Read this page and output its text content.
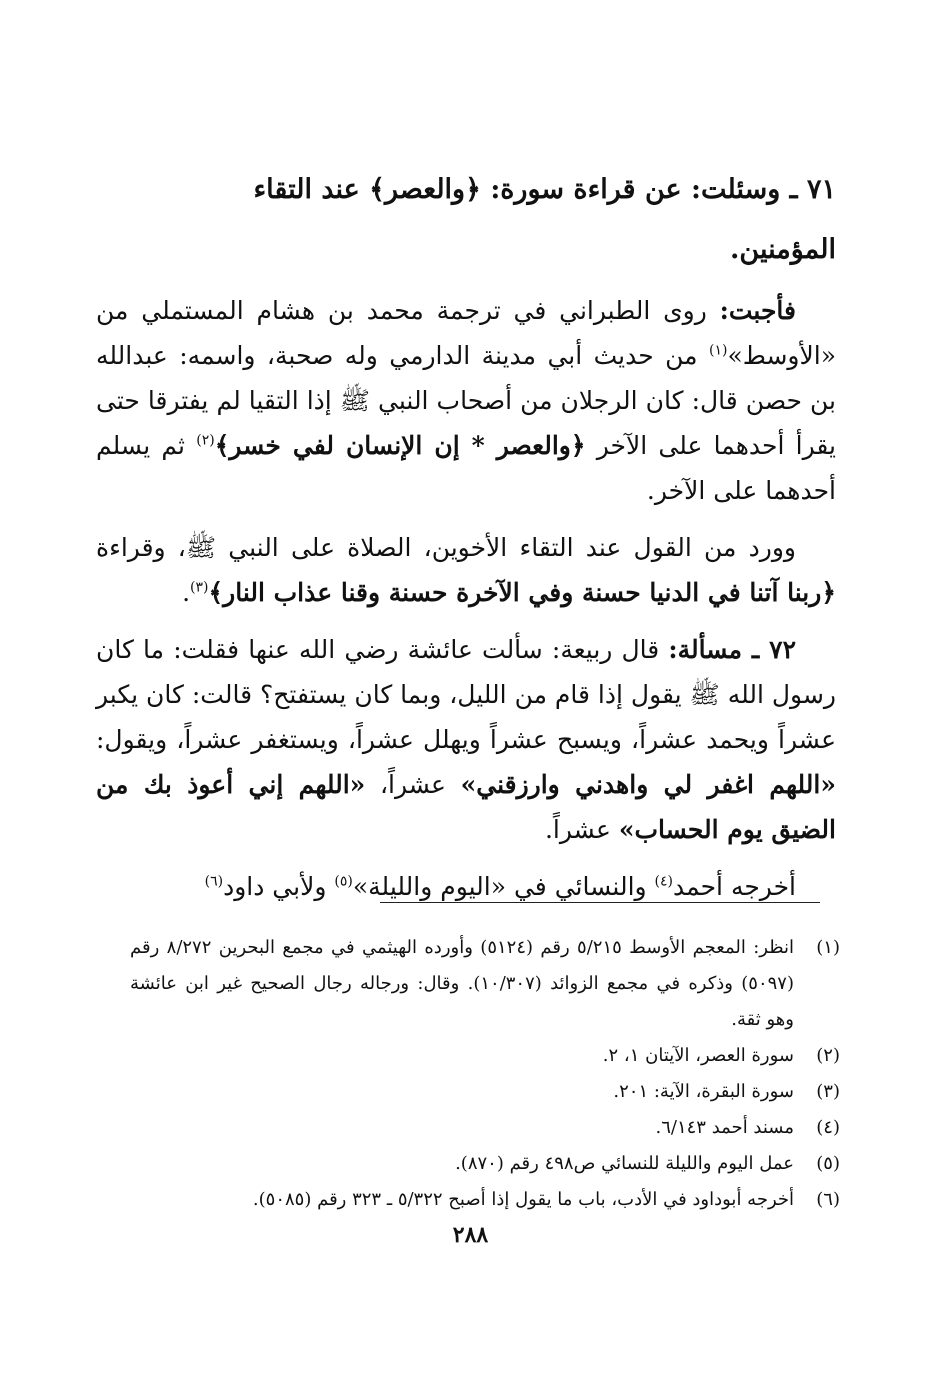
٧١ ـ وسئلت: عن قراءة سورة: ﴿والعصر﴾ عند التقاء
المؤمنين.

فأجبت: روى الطبراني في ترجمة محمد بن هشام المستملي من «الأوسط»$^{(١)}$ من حديث أبي مدينة الدارمي وله صحبة، واسمه: عبدالله بن حصن قال: كان الرجلان من أصحاب النبي ﷺ إذا التقيا لم يفترقا حتى يقرأ أحدهما على الآخر ﴿والعصر * إن الإنسان لفي خسر﴾$^{(٢)}$ ثم يسلم أحدهما على الآخر.

وورد من القول عند التقاء الأخوين، الصلاة على النبي ﷺ، وقراءة ﴿ربنا آتنا في الدنيا حسنة وفي الآخرة حسنة وقنا عذاب النار﴾$^{(٣)}$.

٧٢ ـ مسألة: قال ربيعة: سألت عائشة رضي الله عنها فقلت: ما كان رسول الله ﷺ يقول إذا قام من الليل، وبما كان يستفتح؟ قالت: كان يكبر عشراً ويحمد عشراً، ويسبح عشراً ويهلل عشراً، ويستغفر عشراً، ويقول: «اللهم اغفر لي واهدني وارزقني» عشراً، «اللهم إني أعوذ بك من الضيق يوم الحساب» عشراً.

أخرجه أحمد$^{(٤)}$ والنسائي في «اليوم والليلة»$^{(٥)}$ ولأبي داود$^{(٦)}$

(١)
انظر: المعجم الأوسط ٥/٢١٥ رقم (٥١٢٤) وأورده الهيثمي في مجمع البحرين ٨/٢٧٢ رقم (٥٠٩٧) وذكره في مجمع الزوائد (١٠/٣٠٧). وقال: ورجاله رجال الصحيح غير ابن عائشة وهو ثقة.
(٢)
سورة العصر، الآيتان ١، ٢.
(٣)
سورة البقرة، الآية: ٢٠١.
(٤)
مسند أحمد ٦/١٤٣.
(٥)
عمل اليوم والليلة للنسائي ص٤٩٨ رقم (٨٧٠).
(٦)
أخرجه أبوداود في الأدب، باب ما يقول إذا أصبح ٥/٣٢٢ ـ ٣٢٣ رقم (٥٠٨٥).
٢٨٨
